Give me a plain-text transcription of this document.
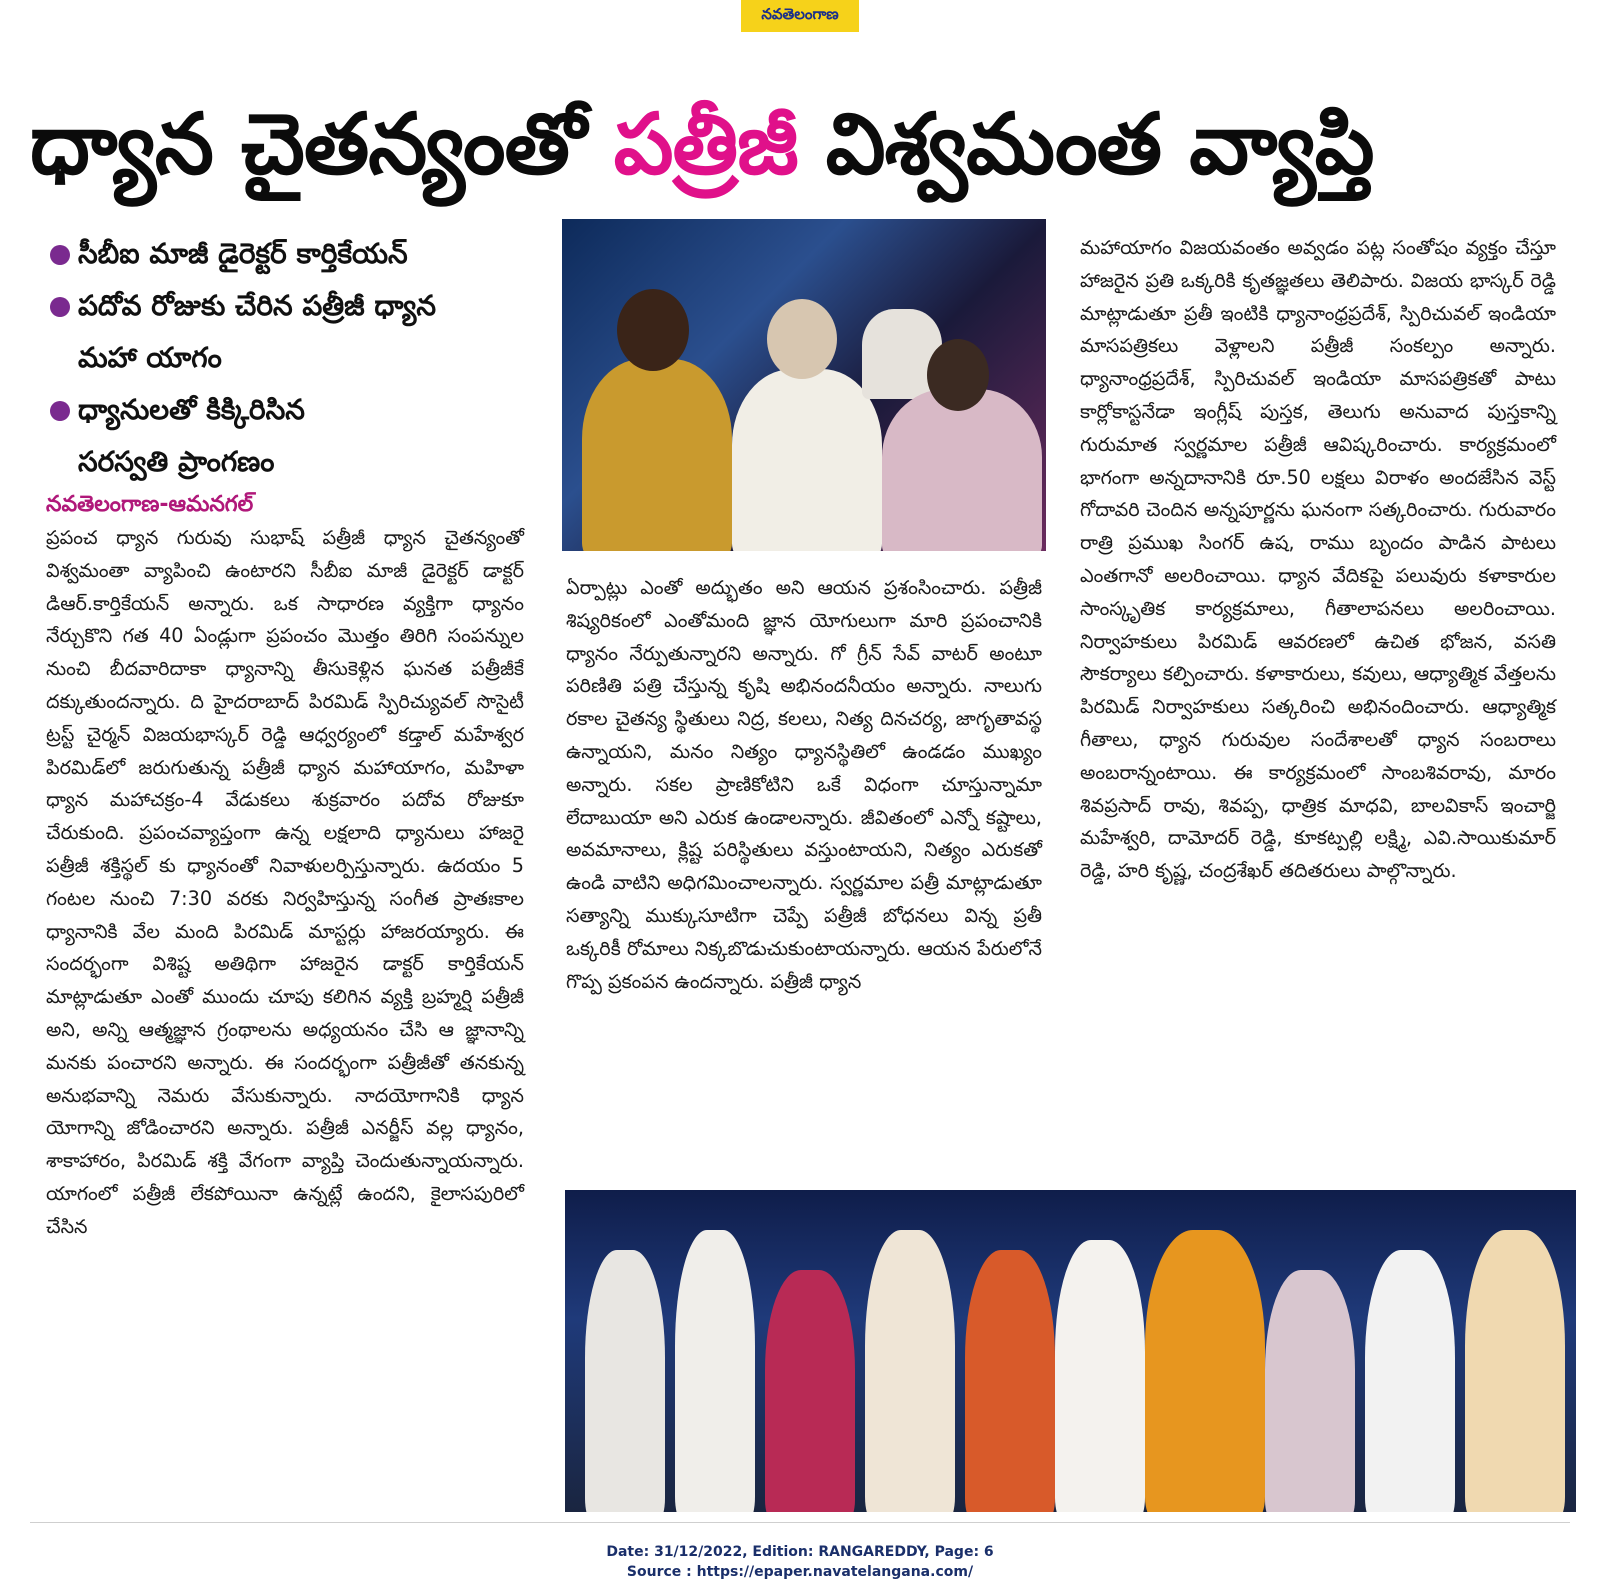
నవతెలంగాణ
ధ్యాన చైతన్యంతో పత్రీజీ విశ్వమంత వ్యాప్తి
సీబీఐ మాజీ డైరెక్టర్ కార్తికేయన్
పదోవ రోజుకు చేరిన పత్రీజీ ధ్యాన
మహా యాగం
ధ్యానులతో కిక్కిరిసిన
సరస్వతి ప్రాంగణం
నవతెలంగాణ-ఆమనగల్

ప్రపంచ ధ్యాన గురువు సుభాష్ పత్రీజీ ధ్యాన చైతన్యంతో విశ్వమంతా వ్యాపించి ఉంటారని సీబీఐ మాజీ డైరెక్టర్ డాక్టర్ డిఆర్.కార్తికేయన్ అన్నారు. ఒక సాధారణ వ్యక్తిగా ధ్యానం నేర్చుకొని గత 40 ఏండ్లుగా ప్రపంచం మొత్తం తిరిగి సంపన్నుల నుంచి బీదవారిదాకా ధ్యానాన్ని తీసుకెళ్లిన ఘనత పత్రీజీకే దక్కుతుందన్నారు. ది హైదరాబాద్ పిరమిడ్ స్పిరిచ్యువల్ సొసైటీ ట్రస్ట్ చైర్మన్ విజయభాస్కర్ రెడ్డి ఆధ్వర్యంలో కడ్తాల్ మహేశ్వర పిరమిడ్‌లో జరుగుతున్న పత్రీజీ ధ్యాన మహాయాగం, మహిళా ధ్యాన మహాచక్రం-4 వేడుకలు శుక్రవారం పదోవ రోజుకూ చేరుకుంది. ప్రపంచవ్యాప్తంగా ఉన్న లక్షలాది ధ్యానులు హాజరై పత్రీజీ శక్తిస్థల్ కు ధ్యానంతో నివాళులర్పిస్తున్నారు. ఉదయం 5 గంటల నుంచి 7:30 వరకు నిర్వహిస్తున్న సంగీత ప్రాతఃకాల ధ్యానానికి వేల మంది పిరమిడ్ మాస్టర్లు హాజరయ్యారు. ఈ సందర్భంగా విశిష్ట అతిథిగా హాజరైన డాక్టర్ కార్తికేయన్ మాట్లాడుతూ ఎంతో ముందు చూపు కలిగిన వ్యక్తి బ్రహ్మర్షి పత్రీజీ అని, అన్ని ఆత్మజ్ఞాన గ్రంథాలను అధ్యయనం చేసి ఆ జ్ఞానాన్ని మనకు పంచారని అన్నారు. ఈ సందర్భంగా పత్రీజీతో తనకున్న అనుభవాన్ని నెమరు వేసుకున్నారు. నాదయోగానికి ధ్యాన యోగాన్ని జోడించారని అన్నారు. పత్రీజీ ఎనర్జీస్ వల్ల ధ్యానం, శాకాహారం, పిరమిడ్ శక్తి వేగంగా వ్యాప్తి చెందుతున్నాయన్నారు. యాగంలో పత్రీజీ లేకపోయినా ఉన్నట్లే ఉందని, కైలాసపురిలో చేసిన

ఏర్పాట్లు ఎంతో అద్భుతం అని ఆయన ప్రశంసించారు. పత్రీజీ శిష్యరికంలో ఎంతోమంది జ్ఞాన యోగులుగా మారి ప్రపంచానికి ధ్యానం నేర్పుతున్నారని అన్నారు. గో గ్రీన్ సేవ్ వాటర్ అంటూ పరిణితి పత్రి చేస్తున్న కృషి అభినందనీయం అన్నారు. నాలుగు రకాల చైతన్య స్థితులు నిద్ర, కలలు, నిత్య దినచర్య, జాగృతావస్థ ఉన్నాయని, మనం నిత్యం ధ్యానస్థితిలో ఉండడం ముఖ్యం అన్నారు. సకల ప్రాణికోటిని ఒకే విధంగా చూస్తున్నామా లేదాబుయా అని ఎరుక ఉండాలన్నారు. జీవితంలో ఎన్నో కష్టాలు, అవమానాలు, క్లిష్ట పరిస్థితులు వస్తుంటాయని, నిత్యం ఎరుకతో ఉండి వాటిని అధిగమించాలన్నారు. స్వర్ణమాల పత్రీ మాట్లాడుతూ సత్యాన్ని ముక్కుసూటిగా చెప్పే పత్రీజీ బోధనలు విన్న ప్రతీ ఒక్కరికీ రోమాలు నిక్కబొడుచుకుంటాయన్నారు. ఆయన పేరులోనే గొప్ప ప్రకంపన ఉందన్నారు. పత్రీజీ ధ్యాన

మహాయాగం విజయవంతం అవ్వడం పట్ల సంతోషం వ్యక్తం చేస్తూ హాజరైన ప్రతి ఒక్కరికి కృతజ్ఞతలు తెలిపారు. విజయ భాస్కర్ రెడ్డి మాట్లాడుతూ ప్రతీ ఇంటికి ధ్యానాంధ్రప్రదేశ్, స్పిరిచువల్ ఇండియా మాసపత్రికలు వెళ్లాలని పత్రీజీ సంకల్పం అన్నారు. ధ్యానాంధ్రప్రదేశ్, స్పిరిచువల్ ఇండియా మాసపత్రికతో పాటు కార్లోకాస్టనేడా ఇంగ్లీష్ పుస్తక, తెలుగు అనువాద పుస్తకాన్ని గురుమాత స్వర్ణమాల పత్రీజీ ఆవిష్కరించారు. కార్యక్రమంలో భాగంగా అన్నదానానికి రూ.50 లక్షలు విరాళం అందజేసిన వెస్ట్ గోదావరి చెందిన అన్నపూర్ణను ఘనంగా సత్కరించారు. గురువారం రాత్రి ప్రముఖ సింగర్ ఉష, రాము బృందం పాడిన పాటలు ఎంతగానో అలరించాయి. ధ్యాన వేదికపై పలువురు కళాకారుల సాంస్కృతిక కార్యక్రమాలు, గీతాలాపనలు అలరించాయి. నిర్వాహకులు పిరమిడ్ ఆవరణలో ఉచిత భోజన, వసతి సౌకర్యాలు కల్పించారు. కళాకారులు, కవులు, ఆధ్యాత్మిక వేత్తలను పిరమిడ్ నిర్వాహకులు సత్కరించి అభినందించారు. ఆధ్యాత్మిక గీతాలు, ధ్యాన గురువుల సందేశాలతో ధ్యాన సంబరాలు అంబరాన్నంటాయి. ఈ కార్యక్రమంలో సాంబశివరావు, మారం శివప్రసాద్ రావు, శివప్ప, ధాత్రిక మాధవి, బాలవికాస్ ఇంచార్జి మహేశ్వరి, దామోదర్ రెడ్డి, కూకట్పల్లి లక్ష్మి, ఎవి.సాయికుమార్ రెడ్డి, హరి కృష్ణ, చంద్రశేఖర్ తదితరులు పాల్గొన్నారు.

Date: 31/12/2022, Edition: RANGAREDDY, Page: 6
Source : https://epaper.navatelangana.com/
